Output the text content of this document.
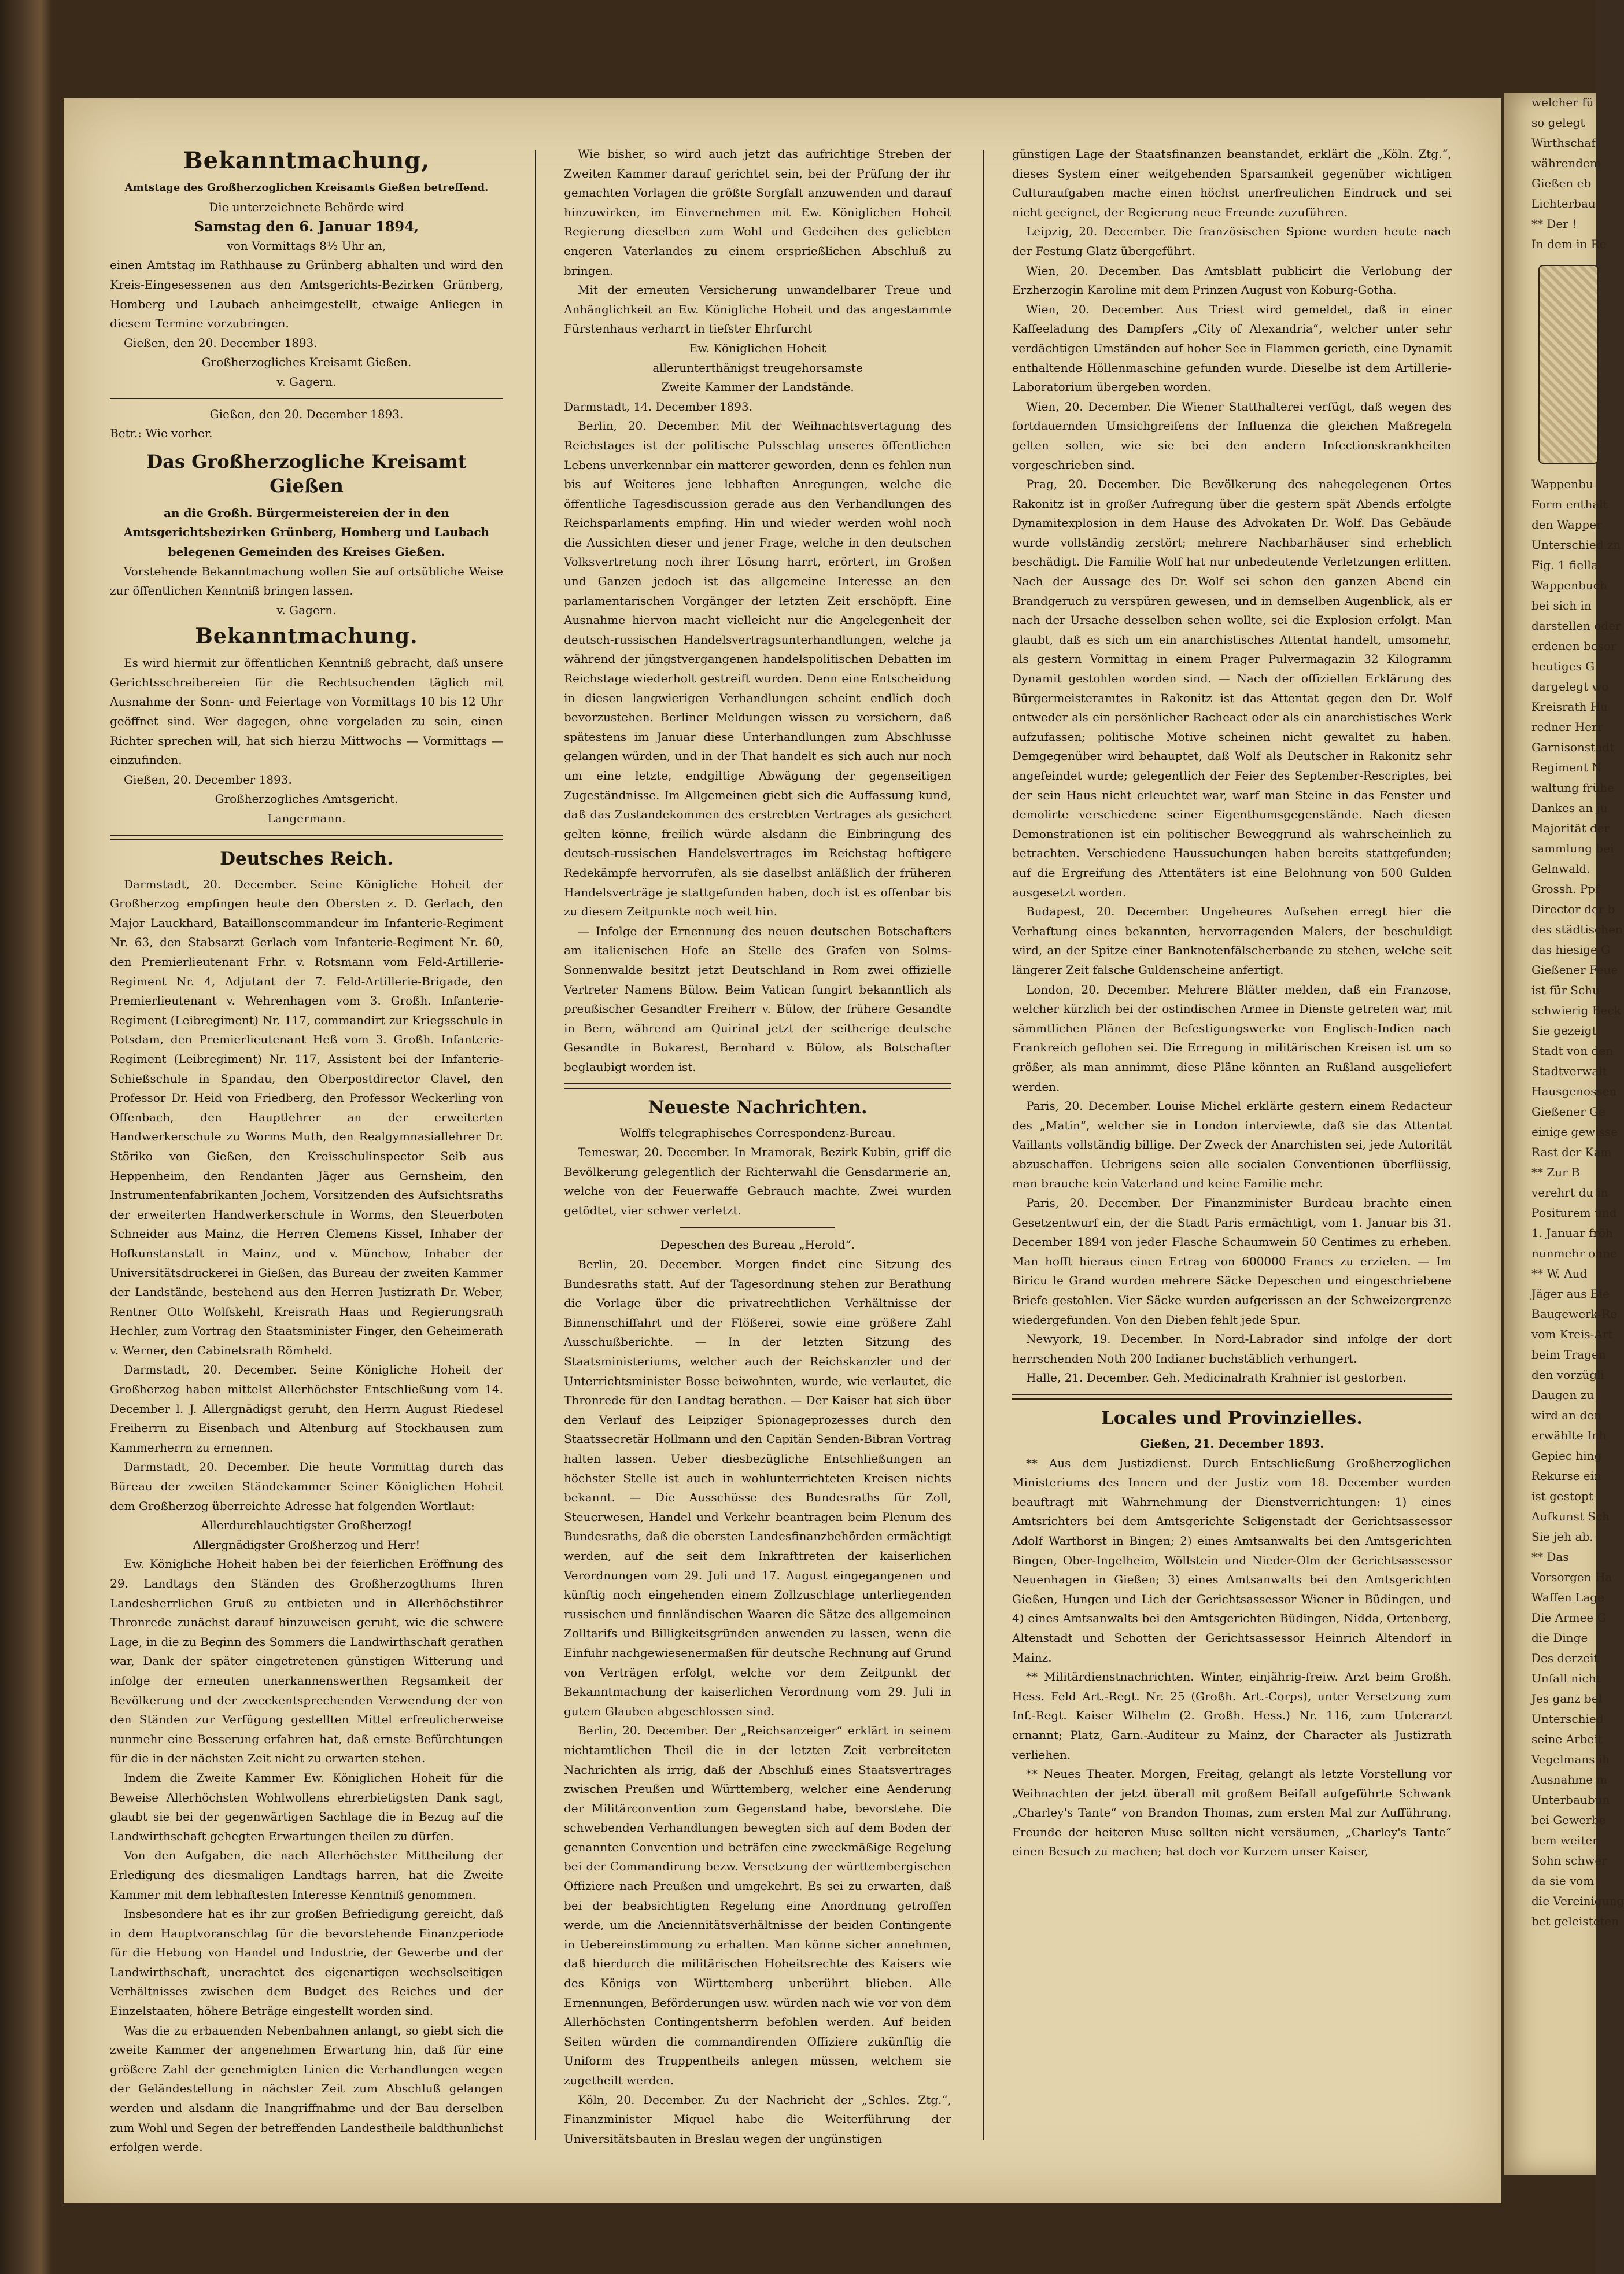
Bekanntmachung,

Amtstage des Großherzoglichen Kreisamts Gießen betreffend.

Die unterzeichnete Behörde wird

Samstag den 6. Januar 1894,

von Vormittags 8½ Uhr an,

einen Amtstag im Rathhause zu Grünberg abhalten und wird den Kreis-Eingesessenen aus den Amtsgerichts-Bezirken Grünberg, Homberg und Laubach anheimgestellt, etwaige Anliegen in diesem Termine vorzubringen.

Gießen, den 20. December 1893.

Großherzogliches Kreisamt Gießen.

v. Gagern.

Gießen, den 20. December 1893.

Betr.: Wie vorher.

Das Großherzogliche Kreisamt Gießen

an die Großh. Bürgermeistereien der in den Amtsgerichtsbezirken Grünberg, Homberg und Laubach belegenen Gemeinden des Kreises Gießen.

Vorstehende Bekanntmachung wollen Sie auf ortsübliche Weise zur öffentlichen Kenntniß bringen lassen.

v. Gagern.

Bekanntmachung.

Es wird hiermit zur öffentlichen Kenntniß gebracht, daß unsere Gerichtsschreibereien für die Rechtsuchenden täglich mit Ausnahme der Sonn- und Feiertage von Vormittags 10 bis 12 Uhr geöffnet sind. Wer dagegen, ohne vorgeladen zu sein, einen Richter sprechen will, hat sich hierzu Mittwochs — Vormittags — einzufinden.

Gießen, 20. December 1893.

Großherzogliches Amtsgericht.

Langermann.

Deutsches Reich.

Darmstadt, 20. December. Seine Königliche Hoheit der Großherzog empfingen heute den Obersten z. D. Gerlach, den Major Lauckhard, Bataillonscommandeur im Infanterie-Regiment Nr. 63, den Stabsarzt Gerlach vom Infanterie-Regiment Nr. 60, den Premierlieutenant Frhr. v. Rotsmann vom Feld-Artillerie-Regiment Nr. 4, Adjutant der 7. Feld-Artillerie-Brigade, den Premierlieutenant v. Wehrenhagen vom 3. Großh. Infanterie-Regiment (Leibregiment) Nr. 117, commandirt zur Kriegsschule in Potsdam, den Premierlieutenant Heß vom 3. Großh. Infanterie-Regiment (Leibregiment) Nr. 117, Assistent bei der Infanterie-Schießschule in Spandau, den Oberpostdirector Clavel, den Professor Dr. Heid von Friedberg, den Professor Weckerling von Offenbach, den Hauptlehrer an der erweiterten Handwerkerschule zu Worms Muth, den Realgymnasiallehrer Dr. Störiko von Gießen, den Kreisschulinspector Seib aus Heppenheim, den Rendanten Jäger aus Gernsheim, den Instrumentenfabrikanten Jochem, Vorsitzenden des Aufsichtsraths der erweiterten Handwerkerschule in Worms, den Steuerboten Schneider aus Mainz, die Herren Clemens Kissel, Inhaber der Hofkunstanstalt in Mainz, und v. Münchow, Inhaber der Universitätsdruckerei in Gießen, das Bureau der zweiten Kammer der Landstände, bestehend aus den Herren Justizrath Dr. Weber, Rentner Otto Wolfskehl, Kreisrath Haas und Regierungsrath Hechler, zum Vortrag den Staatsminister Finger, den Geheimerath v. Werner, den Cabinetsrath Römheld.

Darmstadt, 20. December. Seine Königliche Hoheit der Großherzog haben mittelst Allerhöchster Entschließung vom 14. December l. J. Allergnädigst geruht, den Herrn August Riedesel Freiherrn zu Eisenbach und Altenburg auf Stockhausen zum Kammerherrn zu ernennen.

Darmstadt, 20. December. Die heute Vormittag durch das Büreau der zweiten Ständekammer Seiner Königlichen Hoheit dem Großherzog überreichte Adresse hat folgenden Wortlaut:

Allerdurchlauchtigster Großherzog!

Allergnädigster Großherzog und Herr!

Ew. Königliche Hoheit haben bei der feierlichen Eröffnung des 29. Landtags den Ständen des Großherzogthums Ihren Landesherrlichen Gruß zu entbieten und in Allerhöchstihrer Thronrede zunächst darauf hinzuweisen geruht, wie die schwere Lage, in die zu Beginn des Sommers die Landwirthschaft gerathen war, Dank der später eingetretenen günstigen Witterung und infolge der erneuten unerkannenswerthen Regsamkeit der Bevölkerung und der zweckentsprechenden Verwendung der von den Ständen zur Verfügung gestellten Mittel erfreulicherweise nunmehr eine Besserung erfahren hat, daß ernste Befürchtungen für die in der nächsten Zeit nicht zu erwarten stehen.

Indem die Zweite Kammer Ew. Königlichen Hoheit für die Beweise Allerhöchsten Wohlwollens ehrerbietigsten Dank sagt, glaubt sie bei der gegenwärtigen Sachlage die in Bezug auf die Landwirthschaft gehegten Erwartungen theilen zu dürfen.

Von den Aufgaben, die nach Allerhöchster Mittheilung der Erledigung des diesmaligen Landtags harren, hat die Zweite Kammer mit dem lebhaftesten Interesse Kenntniß genommen.

Insbesondere hat es ihr zur großen Befriedigung gereicht, daß in dem Hauptvoranschlag für die bevorstehende Finanzperiode für die Hebung von Handel und Industrie, der Gewerbe und der Landwirthschaft, unerachtet des eigenartigen wechselseitigen Verhältnisses zwischen dem Budget des Reiches und der Einzelstaaten, höhere Beträge eingestellt worden sind.

Was die zu erbauenden Nebenbahnen anlangt, so giebt sich die zweite Kammer der angenehmen Erwartung hin, daß für eine größere Zahl der genehmigten Linien die Verhandlungen wegen der Geländestellung in nächster Zeit zum Abschluß gelangen werden und alsdann die Inangriffnahme und der Bau derselben zum Wohl und Segen der betreffenden Landestheile baldthunlichst erfolgen werde.

Wie bisher, so wird auch jetzt das aufrichtige Streben der Zweiten Kammer darauf gerichtet sein, bei der Prüfung der ihr gemachten Vorlagen die größte Sorgfalt anzuwenden und darauf hinzuwirken, im Einvernehmen mit Ew. Königlichen Hoheit Regierung dieselben zum Wohl und Gedeihen des geliebten engeren Vaterlandes zu einem ersprießlichen Abschluß zu bringen.

Mit der erneuten Versicherung unwandelbarer Treue und Anhänglichkeit an Ew. Königliche Hoheit und das angestammte Fürstenhaus verharrt in tiefster Ehrfurcht

Ew. Königlichen Hoheit

allerunterthänigst treugehorsamste

Zweite Kammer der Landstände.

Darmstadt, 14. December 1893.

Berlin, 20. December. Mit der Weihnachtsvertagung des Reichstages ist der politische Pulsschlag unseres öffentlichen Lebens unverkennbar ein matterer geworden, denn es fehlen nun bis auf Weiteres jene lebhaften Anregungen, welche die öffentliche Tagesdiscussion gerade aus den Verhandlungen des Reichsparlaments empfing. Hin und wieder werden wohl noch die Aussichten dieser und jener Frage, welche in den deutschen Volksvertretung noch ihrer Lösung harrt, erörtert, im Großen und Ganzen jedoch ist das allgemeine Interesse an den parlamentarischen Vorgänger der letzten Zeit erschöpft. Eine Ausnahme hiervon macht vielleicht nur die Angelegenheit der deutsch-russischen Handelsvertragsunterhandlungen, welche ja während der jüngstvergangenen handelspolitischen Debatten im Reichstage wiederholt gestreift wurden. Denn eine Entscheidung in diesen langwierigen Verhandlungen scheint endlich doch bevorzustehen. Berliner Meldungen wissen zu versichern, daß spätestens im Januar diese Unterhandlungen zum Abschlusse gelangen würden, und in der That handelt es sich auch nur noch um eine letzte, endgiltige Abwägung der gegenseitigen Zugeständnisse. Im Allgemeinen giebt sich die Auffassung kund, daß das Zustandekommen des erstrebten Vertrages als gesichert gelten könne, freilich würde alsdann die Einbringung des deutsch-russischen Handelsvertrages im Reichstag heftigere Redekämpfe hervorrufen, als sie daselbst anläßlich der früheren Handelsverträge je stattgefunden haben, doch ist es offenbar bis zu diesem Zeitpunkte noch weit hin.

— Infolge der Ernennung des neuen deutschen Botschafters am italienischen Hofe an Stelle des Grafen von Solms-Sonnenwalde besitzt jetzt Deutschland in Rom zwei offizielle Vertreter Namens Bülow. Beim Vatican fungirt bekanntlich als preußischer Gesandter Freiherr v. Bülow, der frühere Gesandte in Bern, während am Quirinal jetzt der seitherige deutsche Gesandte in Bukarest, Bernhard v. Bülow, als Botschafter beglaubigt worden ist.

Neueste Nachrichten.

Wolffs telegraphisches Correspondenz-Bureau.

Temeswar, 20. December. In Mramorak, Bezirk Kubin, griff die Bevölkerung gelegentlich der Richterwahl die Gensdarmerie an, welche von der Feuerwaffe Gebrauch machte. Zwei wurden getödtet, vier schwer verletzt.

Depeschen des Bureau „Herold“.

Berlin, 20. December. Morgen findet eine Sitzung des Bundesraths statt. Auf der Tagesordnung stehen zur Berathung die Vorlage über die privatrechtlichen Verhältnisse der Binnenschiffahrt und der Flößerei, sowie eine größere Zahl Ausschußberichte. — In der letzten Sitzung des Staatsministeriums, welcher auch der Reichskanzler und der Unterrichtsminister Bosse beiwohnten, wurde, wie verlautet, die Thronrede für den Landtag berathen. — Der Kaiser hat sich über den Verlauf des Leipziger Spionageprozesses durch den Staatssecretär Hollmann und den Capitän Senden-Bibran Vortrag halten lassen. Ueber diesbezügliche Entschließungen an höchster Stelle ist auch in wohlunterrichteten Kreisen nichts bekannt. — Die Ausschüsse des Bundesraths für Zoll, Steuerwesen, Handel und Verkehr beantragen beim Plenum des Bundesraths, daß die obersten Landesfinanzbehörden ermächtigt werden, auf die seit dem Inkrafttreten der kaiserlichen Verordnungen vom 29. Juli und 17. August eingegangenen und künftig noch eingehenden einem Zollzuschlage unterliegenden russischen und finnländischen Waaren die Sätze des allgemeinen Zolltarifs und Billigkeitsgründen anwenden zu lassen, wenn die Einfuhr nachgewiesenermaßen für deutsche Rechnung auf Grund von Verträgen erfolgt, welche vor dem Zeitpunkt der Bekanntmachung der kaiserlichen Verordnung vom 29. Juli in gutem Glauben abgeschlossen sind.

Berlin, 20. December. Der „Reichsanzeiger“ erklärt in seinem nichtamtlichen Theil die in der letzten Zeit verbreiteten Nachrichten als irrig, daß der Abschluß eines Staatsvertrages zwischen Preußen und Württemberg, welcher eine Aenderung der Militärconvention zum Gegenstand habe, bevorstehe. Die schwebenden Verhandlungen bewegten sich auf dem Boden der genannten Convention und beträfen eine zweckmäßige Regelung bei der Commandirung bezw. Versetzung der württembergischen Offiziere nach Preußen und umgekehrt. Es sei zu erwarten, daß bei der beabsichtigten Regelung eine Anordnung getroffen werde, um die Anciennitätsverhältnisse der beiden Contingente in Uebereinstimmung zu erhalten. Man könne sicher annehmen, daß hierdurch die militärischen Hoheitsrechte des Kaisers wie des Königs von Württemberg unberührt blieben. Alle Ernennungen, Beförderungen usw. würden nach wie vor von dem Allerhöchsten Contingentsherrn befohlen werden. Auf beiden Seiten würden die commandirenden Offiziere zukünftig die Uniform des Truppentheils anlegen müssen, welchem sie zugetheilt werden.

Köln, 20. December. Zu der Nachricht der „Schles. Ztg.“, Finanzminister Miquel habe die Weiterführung der Universitätsbauten in Breslau wegen der ungünstigen

günstigen Lage der Staatsfinanzen beanstandet, erklärt die „Köln. Ztg.“, dieses System einer weitgehenden Sparsamkeit gegenüber wichtigen Culturaufgaben mache einen höchst unerfreulichen Eindruck und sei nicht geeignet, der Regierung neue Freunde zuzuführen.

Leipzig, 20. December. Die französischen Spione wurden heute nach der Festung Glatz übergeführt.

Wien, 20. December. Das Amtsblatt publicirt die Verlobung der Erzherzogin Karoline mit dem Prinzen August von Koburg-Gotha.

Wien, 20. December. Aus Triest wird gemeldet, daß in einer Kaffeeladung des Dampfers „City of Alexandria“, welcher unter sehr verdächtigen Umständen auf hoher See in Flammen gerieth, eine Dynamit enthaltende Höllenmaschine gefunden wurde. Dieselbe ist dem Artillerie-Laboratorium übergeben worden.

Wien, 20. December. Die Wiener Statthalterei verfügt, daß wegen des fortdauernden Umsichgreifens der Influenza die gleichen Maßregeln gelten sollen, wie sie bei den andern Infectionskrankheiten vorgeschrieben sind.

Prag, 20. December. Die Bevölkerung des nahegelegenen Ortes Rakonitz ist in großer Aufregung über die gestern spät Abends erfolgte Dynamitexplosion in dem Hause des Advokaten Dr. Wolf. Das Gebäude wurde vollständig zerstört; mehrere Nachbarhäuser sind erheblich beschädigt. Die Familie Wolf hat nur unbedeutende Verletzungen erlitten. Nach der Aussage des Dr. Wolf sei schon den ganzen Abend ein Brandgeruch zu verspüren gewesen, und in demselben Augenblick, als er nach der Ursache desselben sehen wollte, sei die Explosion erfolgt. Man glaubt, daß es sich um ein anarchistisches Attentat handelt, umsomehr, als gestern Vormittag in einem Prager Pulvermagazin 32 Kilogramm Dynamit gestohlen worden sind. — Nach der offiziellen Erklärung des Bürgermeisteramtes in Rakonitz ist das Attentat gegen den Dr. Wolf entweder als ein persönlicher Racheact oder als ein anarchistisches Werk aufzufassen; politische Motive scheinen nicht gewaltet zu haben. Demgegenüber wird behauptet, daß Wolf als Deutscher in Rakonitz sehr angefeindet wurde; gelegentlich der Feier des September-Rescriptes, bei der sein Haus nicht erleuchtet war, warf man Steine in das Fenster und demolirte verschiedene seiner Eigenthumsgegenstände. Nach diesen Demonstrationen ist ein politischer Beweggrund als wahrscheinlich zu betrachten. Verschiedene Haussuchungen haben bereits stattgefunden; auf die Ergreifung des Attentäters ist eine Belohnung von 500 Gulden ausgesetzt worden.

Budapest, 20. December. Ungeheures Aufsehen erregt hier die Verhaftung eines bekannten, hervorragenden Malers, der beschuldigt wird, an der Spitze einer Banknotenfälscherbande zu stehen, welche seit längerer Zeit falsche Guldenscheine anfertigt.

London, 20. December. Mehrere Blätter melden, daß ein Franzose, welcher kürzlich bei der ostindischen Armee in Dienste getreten war, mit sämmtlichen Plänen der Befestigungswerke von Englisch-Indien nach Frankreich geflohen sei. Die Erregung in militärischen Kreisen ist um so größer, als man annimmt, diese Pläne könnten an Rußland ausgeliefert werden.

Paris, 20. December. Louise Michel erklärte gestern einem Redacteur des „Matin“, welcher sie in London interviewte, daß sie das Attentat Vaillants vollständig billige. Der Zweck der Anarchisten sei, jede Autorität abzuschaffen. Uebrigens seien alle socialen Conventionen überflüssig, man brauche kein Vaterland und keine Familie mehr.

Paris, 20. December. Der Finanzminister Burdeau brachte einen Gesetzentwurf ein, der die Stadt Paris ermächtigt, vom 1. Januar bis 31. December 1894 von jeder Flasche Schaumwein 50 Centimes zu erheben. Man hofft hieraus einen Ertrag von 600000 Francs zu erzielen. — Im Biricu le Grand wurden mehrere Säcke Depeschen und eingeschriebene Briefe gestohlen. Vier Säcke wurden aufgerissen an der Schweizergrenze wiedergefunden. Von den Dieben fehlt jede Spur.

Newyork, 19. December. In Nord-Labrador sind infolge der dort herrschenden Noth 200 Indianer buchstäblich verhungert.

Halle, 21. December. Geh. Medicinalrath Krahnier ist gestorben.

Locales und Provinzielles.

Gießen, 21. December 1893.

** Aus dem Justizdienst. Durch Entschließung Großherzoglichen Ministeriums des Innern und der Justiz vom 18. December wurden beauftragt mit Wahrnehmung der Dienstverrichtungen: 1) eines Amtsrichters bei dem Amtsgerichte Seligenstadt der Gerichtsassessor Adolf Warthorst in Bingen; 2) eines Amtsanwalts bei den Amtsgerichten Bingen, Ober-Ingelheim, Wöllstein und Nieder-Olm der Gerichtsassessor Neuenhagen in Gießen; 3) eines Amtsanwalts bei den Amtsgerichten Gießen, Hungen und Lich der Gerichtsassessor Wiener in Büdingen, und 4) eines Amtsanwalts bei den Amtsgerichten Büdingen, Nidda, Ortenberg, Altenstadt und Schotten der Gerichtsassessor Heinrich Altendorf in Mainz.

** Militärdienstnachrichten. Winter, einjährig-freiw. Arzt beim Großh. Hess. Feld Art.-Regt. Nr. 25 (Großh. Art.-Corps), unter Versetzung zum Inf.-Regt. Kaiser Wilhelm (2. Großh. Hess.) Nr. 116, zum Unterarzt ernannt; Platz, Garn.-Auditeur zu Mainz, der Character als Justizrath verliehen.

** Neues Theater. Morgen, Freitag, gelangt als letzte Vorstellung vor Weihnachten der jetzt überall mit großem Beifall aufgeführte Schwank „Charley's Tante“ von Brandon Thomas, zum ersten Mal zur Aufführung. Freunde der heiteren Muse sollten nicht versäumen, „Charley's Tante“ einen Besuch zu machen; hat doch vor Kurzem unser Kaiser,

welcher fü
so gelegt
Wirthschaf
währendem
Gießen eb
Lichterbau
** Der !
In dem in Re
Wappenbu
Form enthalt
den Wapper
Unterschied zn
Fig. 1 fiella
Wappenbuch
bei sich in
darstellen oder
erdenen besor
heutiges G
dargelegt wo
Kreisrath Hu
redner Herr
Garnisonstadt
Regiment N
waltung frühe
Dankes an ju
Majorität der
sammlung bei
Gelnwald.
Grossh. Ppf
Director der b
des städtischen
das hiesige G
Gießener Feue
ist für Schu
schwierig Beck
Sie gezeigt
Stadt von den
Stadtverwalt
Hausgenossen
Gießener Ge
einige gewisse
Rast der Kam
** Zur B
verehrt du in
Positurem und
1. Januar fröh
nunmehr ohne
** W. Aud
Jäger aus Bie
Baugewerk-Re
vom Kreis-Art
beim Tragen
den vorzügli
Daugen zu
wird an den
erwählte Inh
Gepiec hing
Rekurse ein
ist gestopt
Aufkunst Sch
Sie jeh ab.
** Das
Vorsorgen Ha
Waffen Lage
Die Armee G
die Dinge
Des derzeit
Unfall nicht
Jes ganz bel
Unterschied
seine Arbeit
Vegelmans ih
Ausnahme m
Unterbaubun
bei Gewerbe
bem weiter
Sohn schwer
da sie vom
die Vereinigung
bet geleisteten
